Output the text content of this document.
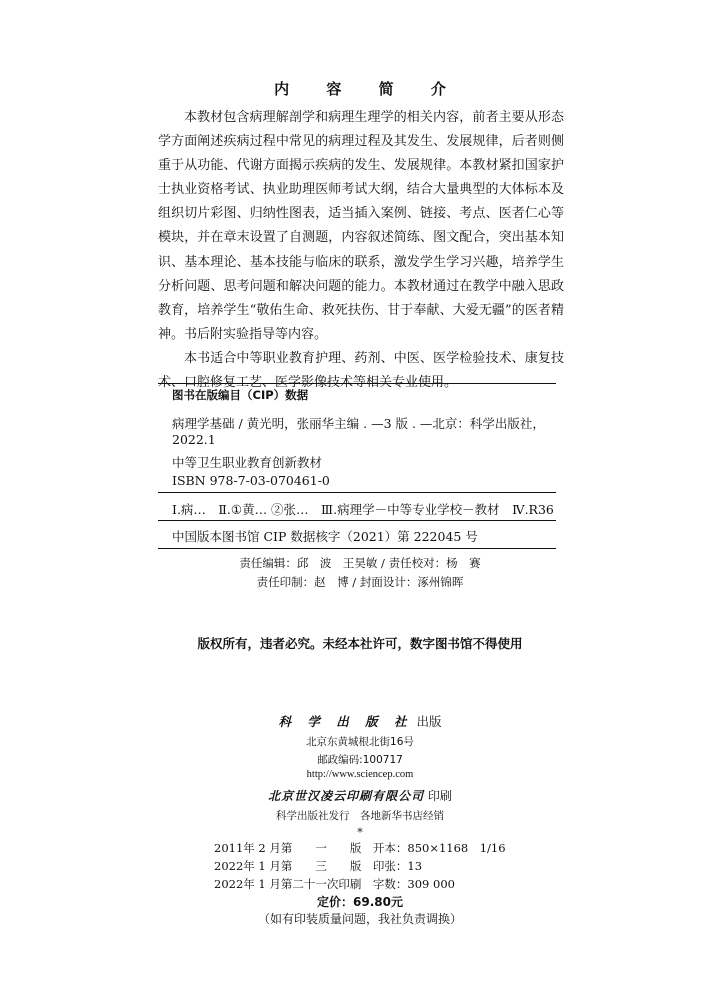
内 容 简 介

本教材包含病理解剖学和病理生理学的相关内容，前者主要从形态学方面阐述疾病过程中常见的病理过程及其发生、发展规律，后者则侧重于从功能、代谢方面揭示疾病的发生、发展规律。本教材紧扣国家护士执业资格考试、执业助理医师考试大纲，结合大量典型的大体标本及组织切片彩图、归纳性图表，适当插入案例、链接、考点、医者仁心等模块，并在章末设置了自测题，内容叙述简练、图文配合，突出基本知识、基本理论、基本技能与临床的联系，激发学生学习兴趣，培养学生分析问题、思考问题和解决问题的能力。本教材通过在教学中融入思政教育，培养学生“敬佑生命、救死扶伤、甘于奉献、大爱无疆”的医者精神。书后附实验指导等内容。

本书适合中等职业教育护理、药剂、中医、医学检验技术、康复技术、口腔修复工艺、医学影像技术等相关专业使用。

图书在版编目（CIP）数据
病理学基础 / 黄光明，张丽华主编 . —3 版 . —北京：科学出版社，
2022.1
中等卫生职业教育创新教材
ISBN 978-7-03-070461-0
Ⅰ.病…　Ⅱ.①黄… ②张…　Ⅲ.病理学－中等专业学校－教材　Ⅳ.R36
中国版本图书馆 CIP 数据核字（2021）第 222045 号
责任编辑：邱　波　王昊敏 / 责任校对：杨　赛
责任印制：赵　博 / 封面设计：涿州锦晖
版权所有，违者必究。未经本社许可，数字图书馆不得使用
科 学 出 版 社 出版
北京东黄城根北街16号
邮政编码:100717
http://www.sciencep.com
北京世汉凌云印刷有限公司 印刷
科学出版社发行　各地新华书店经销
*
2011年 2 月第　　一　　版　开本：850×1168　1/16
2022年 1 月第　　三　　版　印张：13
2022年 1 月第二十一次印刷　字数：309 000
定价：69.80元
（如有印装质量问题，我社负责调换）
